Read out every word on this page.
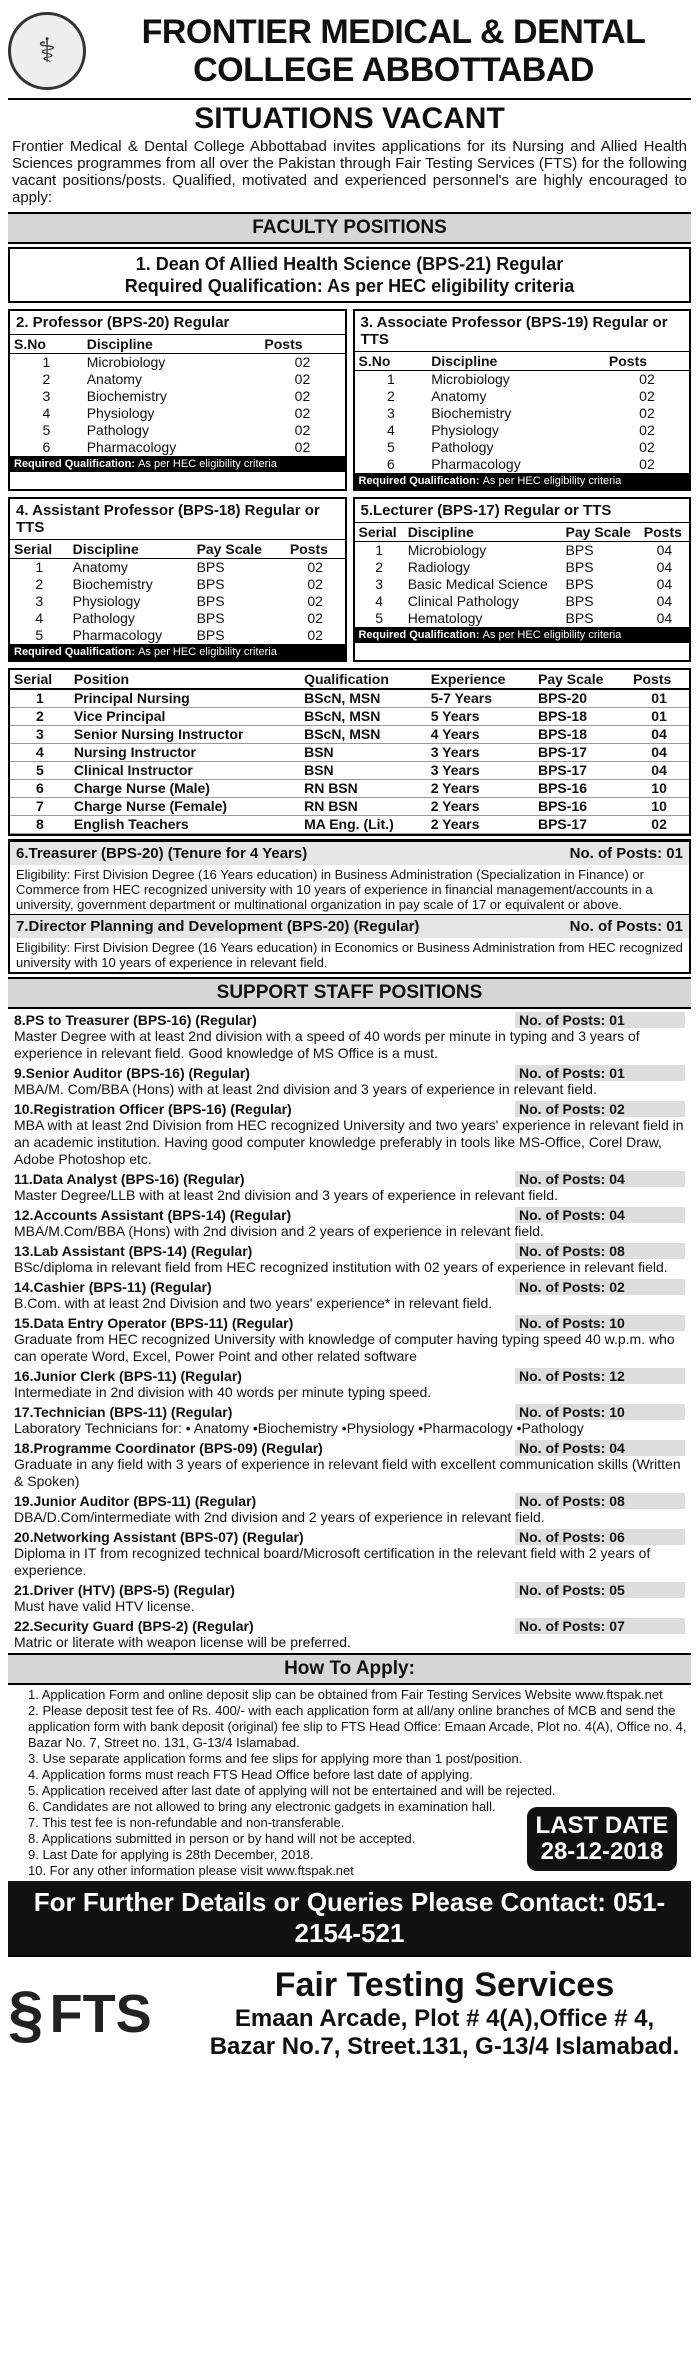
⚕	FRONTIER MEDICAL & DENTAL
COLLEGE ABBOTTABAD
SITUATIONS VACANT
Frontier Medical & Dental College Abbottabad invites applications for its Nursing and Allied Health Sciences programmes from all over the Pakistan through Fair Testing Services (FTS) for the following vacant positions/posts. Qualified, motivated and experienced personnel's are highly encouraged to apply:
FACULTY POSITIONS
1. Dean Of Allied Health Science (BPS-21) Regular
Required Qualification: As per HEC eligibility criteria
2. Professor (BPS-20) Regular
S.No	Discipline	Posts
1	Microbiology	02
2	Anatomy	02
3	Biochemistry	02
4	Physiology	02
5	Pathology	02
6	Pharmacology	02
Required Qualification: As per HEC eligibility criteria
3. Associate Professor (BPS-19) Regular or TTS
S.No	Discipline	Posts
1	Microbiology	02
2	Anatomy	02
3	Biochemistry	02
4	Physiology	02
5	Pathology	02
6	Pharmacology	02
Required Qualification: As per HEC eligibility criteria
4. Assistant Professor (BPS-18) Regular or TTS
Serial	Discipline	Pay Scale	Posts
1	Anatomy	BPS	02
2	Biochemistry	BPS	02
3	Physiology	BPS	02
4	Pathology	BPS	02
5	Pharmacology	BPS	02
Required Qualification: As per HEC eligibility criteria
5.Lecturer (BPS-17) Regular or TTS
Serial	Discipline	Pay Scale	Posts
1	Microbiology	BPS	04
2	Radiology	BPS	04
3	Basic Medical Science	BPS	04
4	Clinical Pathology	BPS	04
5	Hematology	BPS	04
Required Qualification: As per HEC eligibility criteria
Serial	Position	Qualification	Experience	Pay Scale	Posts
1	Principal Nursing	BScN, MSN	5-7 Years	BPS-20	01
2	Vice Principal	BScN, MSN	5 Years	BPS-18	01
3	Senior Nursing Instructor	BScN, MSN	4 Years	BPS-18	04
4	Nursing Instructor	BSN	3 Years	BPS-17	04
5	Clinical Instructor	BSN	3 Years	BPS-17	04
6	Charge Nurse (Male)	RN BSN	2 Years	BPS-16	10
7	Charge Nurse (Female)	RN BSN	2 Years	BPS-16	10
8	English Teachers	MA Eng. (Lit.)	2 Years	BPS-17	02
6.Treasurer (BPS-20) (Tenure for 4 Years)	No. of Posts: 01
Eligibility: First Division Degree (16 Years education) in Business Administration (Specialization in Finance) or Commerce from HEC recognized university with 10 years of experience in financial management/accounts in a university, government department or multinational organization in pay scale of 17 or equivalent or above.
7.Director Planning and Development (BPS-20) (Regular)	No. of Posts: 01
Eligibility: First Division Degree (16 Years education) in Economics or Business Administration from HEC recognized university with 10 years of experience in relevant field.
SUPPORT STAFF POSITIONS
8.PS to Treasurer (BPS-16) (Regular)	No. of Posts: 01
Master Degree with at least 2nd division with a speed of 40 words per minute in typing and 3 years of experience in relevant field. Good knowledge of MS Office is a must.
9.Senior Auditor (BPS-16) (Regular)	No. of Posts: 01
MBA/M. Com/BBA (Hons) with at least 2nd division and 3 years of experience in relevant field.
10.Registration Officer (BPS-16) (Regular)	No. of Posts: 02
MBA with at least 2nd Division from HEC recognized University and two years' experience in relevant field in an academic institution. Having good computer knowledge preferably in tools like MS-Office, Corel Draw, Adobe Photoshop etc.
11.Data Analyst (BPS-16) (Regular)	No. of Posts: 04
Master Degree/LLB with at least 2nd division and 3 years of experience in relevant field.
12.Accounts Assistant (BPS-14) (Regular)	No. of Posts: 04
MBA/M.Com/BBA (Hons) with 2nd division and 2 years of experience in relevant field.
13.Lab Assistant (BPS-14) (Regular)	No. of Posts: 08
BSc/diploma in relevant field from HEC recognized institution with 02 years of experience in relevant field.
14.Cashier (BPS-11) (Regular)	No. of Posts: 02
B.Com. with at least 2nd Division and two years' experience* in relevant field.
15.Data Entry Operator (BPS-11) (Regular)	No. of Posts: 10
Graduate from HEC recognized University with knowledge of computer having typing speed 40 w.p.m. who can operate Word, Excel, Power Point and other related software
16.Junior Clerk (BPS-11) (Regular)	No. of Posts: 12
Intermediate in 2nd division with 40 words per minute typing speed.
17.Technician (BPS-11) (Regular)	No. of Posts: 10
Laboratory Technicians for: • Anatomy •Biochemistry •Physiology •Pharmacology •Pathology
18.Programme Coordinator (BPS-09) (Regular)	No. of Posts: 04
Graduate in any field with 3 years of experience in relevant field with excellent communication skills (Written & Spoken)
19.Junior Auditor (BPS-11) (Regular)	No. of Posts: 08
DBA/D.Com/intermediate with 2nd division and 2 years of experience in relevant field.
20.Networking Assistant (BPS-07) (Regular)	No. of Posts: 06
Diploma in IT from recognized technical board/Microsoft certification in the relevant field with 2 years of experience.
21.Driver (HTV) (BPS-5) (Regular)	No. of Posts: 05
Must have valid HTV license.
22.Security Guard (BPS-2) (Regular)	No. of Posts: 07
Matric or literate with weapon license will be preferred.
How To Apply:
1. Application Form and online deposit slip can be obtained from Fair Testing Services Website www.ftspak.net
2. Please deposit test fee of Rs. 400/- with each application form at all/any online branches of MCB and send the application form with bank deposit (original) fee slip to FTS Head Office: Emaan Arcade, Plot no. 4(A), Office no. 4, Bazar No. 7, Street no. 131, G-13/4 Islamabad.
3. Use separate application forms and fee slips for applying more than 1 post/position.
4. Application forms must reach FTS Head Office before last date of applying.
5. Application received after last date of applying will not be entertained and will be rejected.
6. Candidates are not allowed to bring any electronic gadgets in examination hall.
7. This test fee is non-refundable and non-transferable.
8. Applications submitted in person or by hand will not be accepted.
9. Last Date for applying is 28th December, 2018.
10. For any other information please visit www.ftspak.net
LAST DATE
28-12-2018
For Further Details or Queries Please Contact: 051-2154-521
§ FTS	Fair Testing Services
Emaan Arcade, Plot # 4(A),Office # 4,
Bazar No.7, Street.131, G-13/4 Islamabad.
